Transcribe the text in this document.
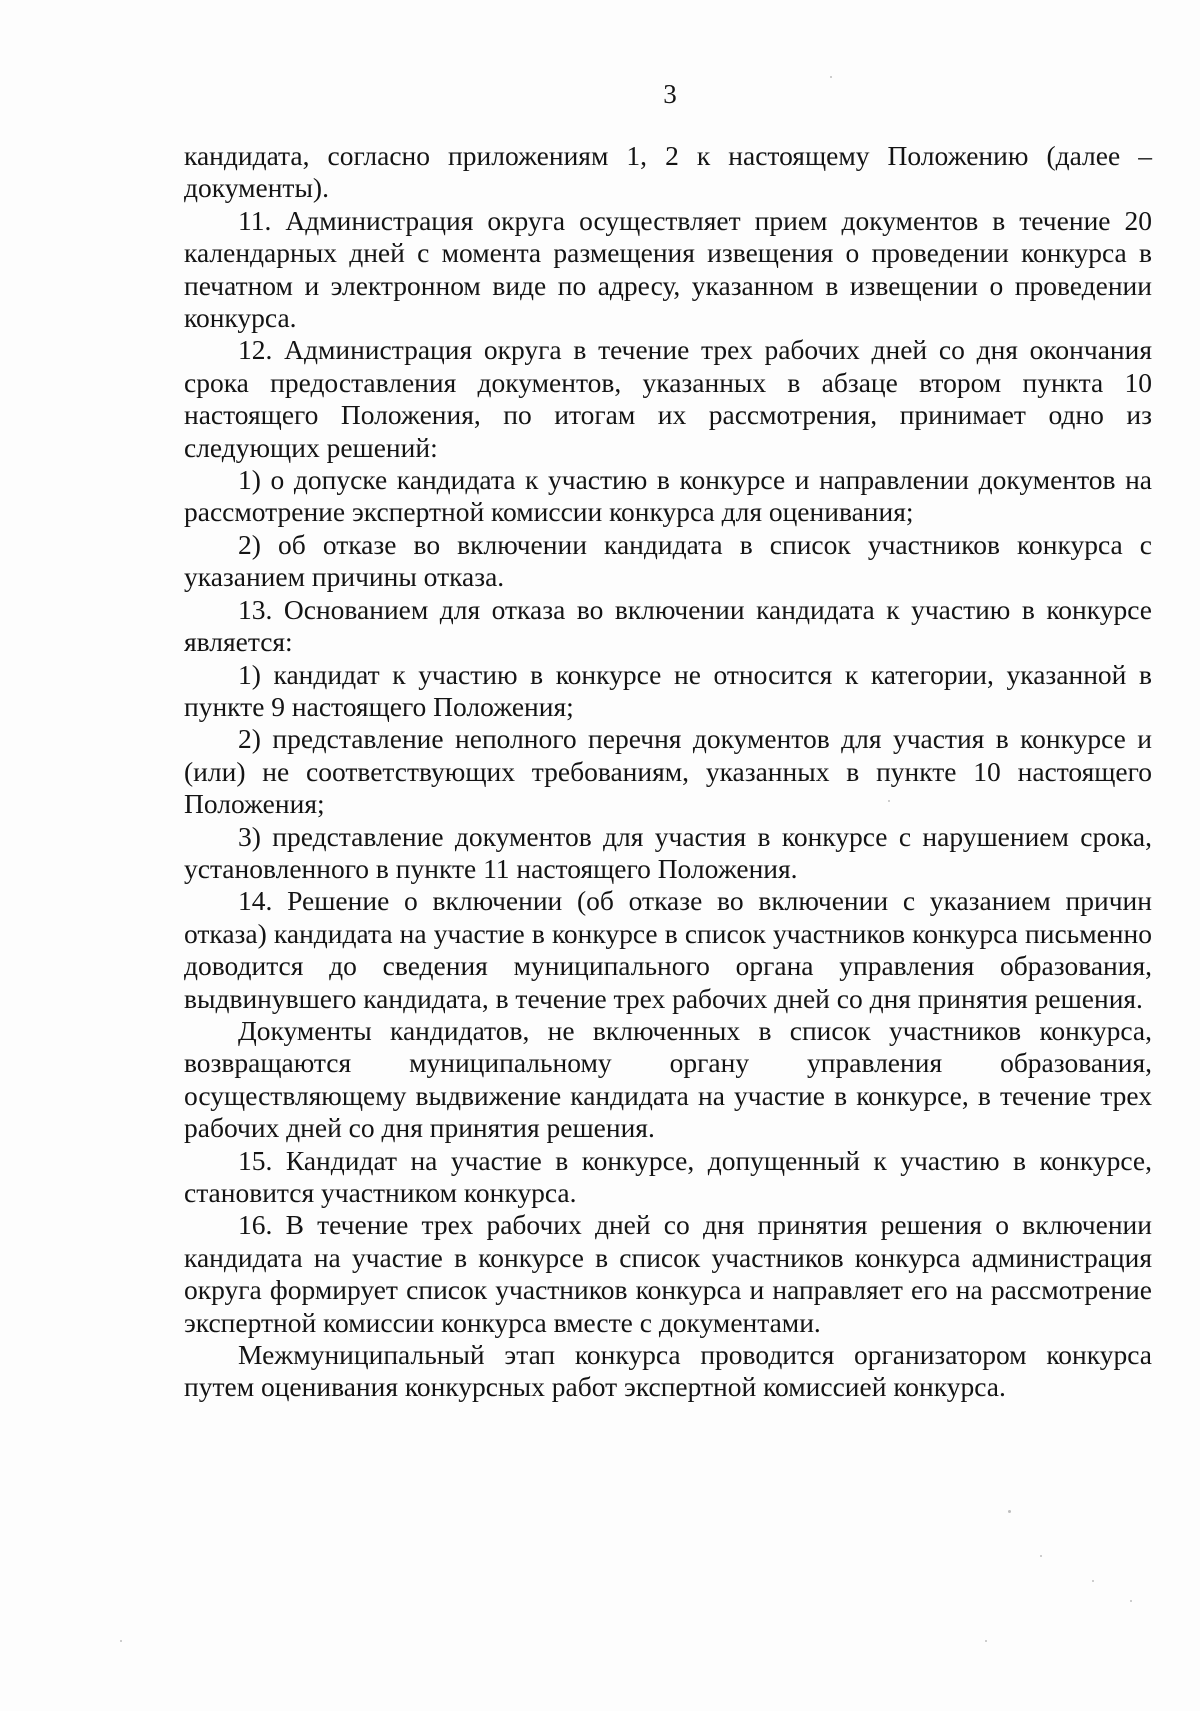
3

кандидата, согласно приложениям 1, 2 к настоящему Положению (далее – документы).

11. Администрация округа осуществляет прием документов в течение 20 календарных дней с момента размещения извещения о проведении конкурса в печатном и электронном виде по адресу, указанном в извещении о проведении конкурса.

12. Администрация округа в течение трех рабочих дней со дня окончания срока предоставления документов, указанных в абзаце втором пункта 10 настоящего Положения, по итогам их рассмотрения, принимает одно из следующих решений:

1) о допуске кандидата к участию в конкурсе и направлении документов на рассмотрение экспертной комиссии конкурса для оценивания;

2) об отказе во включении кандидата в список участников конкурса с указанием причины отказа.

13. Основанием для отказа во включении кандидата к участию в конкурсе является:

1) кандидат к участию в конкурсе не относится к категории, указанной в пункте 9 настоящего Положения;

2) представление неполного перечня документов для участия в конкурсе и (или) не соответствующих требованиям, указанных в пункте 10 настоящего Положения;

3) представление документов для участия в конкурсе с нарушением срока, установленного в пункте 11 настоящего Положения.

14. Решение о включении (об отказе во включении с указанием причин отказа) кандидата на участие в конкурсе в список участников конкурса письменно доводится до сведения муниципального органа управления образования, выдвинувшего кандидата, в течение трех рабочих дней со дня принятия решения.

Документы кандидатов, не включенных в список участников конкурса, возвращаются муниципальному органу управления образования, осуществляющему выдвижение кандидата на участие в конкурсе, в течение трех рабочих дней со дня принятия решения.

15. Кандидат на участие в конкурсе, допущенный к участию в конкурсе, становится участником конкурса.

16. В течение трех рабочих дней со дня принятия решения о включении кандидата на участие в конкурсе в список участников конкурса администрация округа формирует список участников конкурса и направляет его на рассмотрение экспертной комиссии конкурса вместе с документами.

Межмуниципальный этап конкурса проводится организатором конкурса путем оценивания конкурсных работ экспертной комиссией конкурса.
